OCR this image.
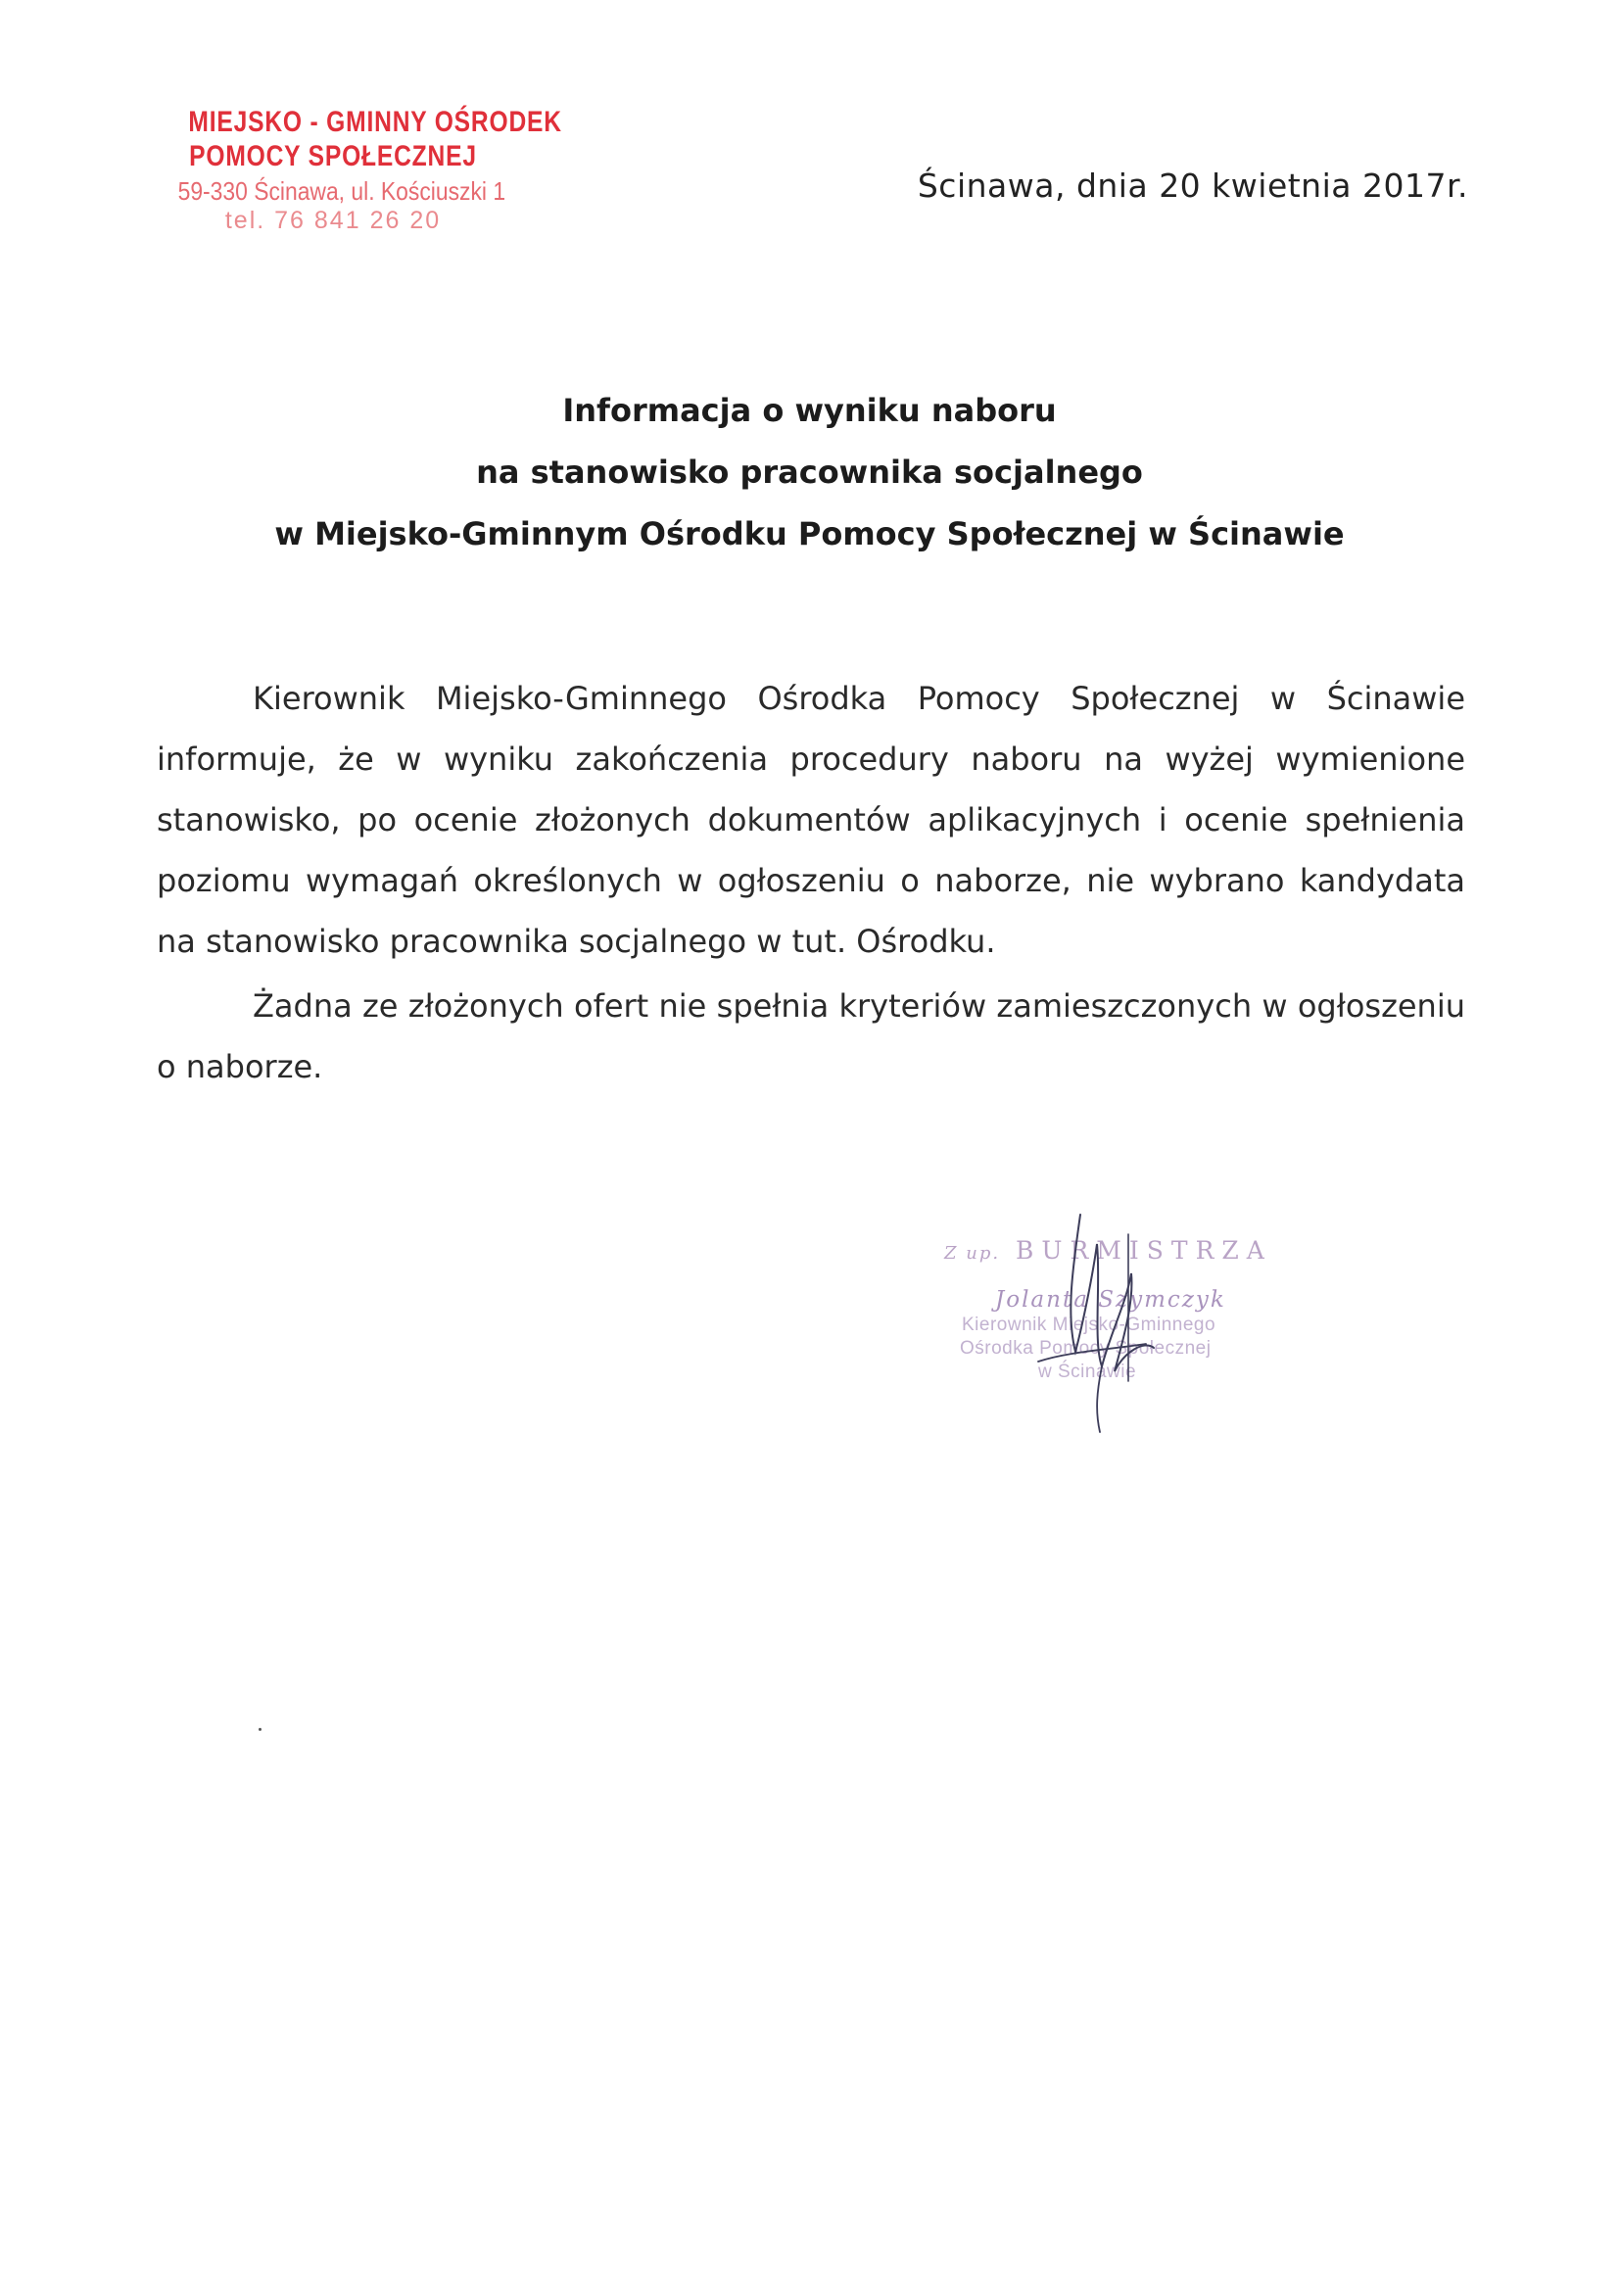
MIEJSKO - GMINNY OŚRODEK
POMOCY SPOŁECZNEJ
59-330 Ścinawa, ul. Kościuszki 1
tel. 76 841 26 20
Ścinawa, dnia 20 kwietnia 2017r.
Informacja o wyniku naboru
na stanowisko pracownika socjalnego
w Miejsko-Gminnym Ośrodku Pomocy Społecznej w Ścinawie

Kierownik Miejsko-Gminnego Ośrodka Pomocy Społecznej w Ścinawie informuje, że w wyniku zakończenia procedury naboru na wyżej wymienione stanowisko, po ocenie złożonych dokumentów aplikacyjnych i ocenie spełnienia poziomu wymagań określonych w ogłoszeniu o naborze, nie wybrano kandydata na stanowisko pracownika socjalnego w tut. Ośrodku.

Żadna ze złożonych ofert nie spełnia kryteriów zamieszczonych w ogłoszeniu o naborze.

Z up. BURMISTRZA
Jolanta Szymczyk
Kierownik Miejsko-Gminnego
Ośrodka Pomocy Społecznej
w Ścinawie
